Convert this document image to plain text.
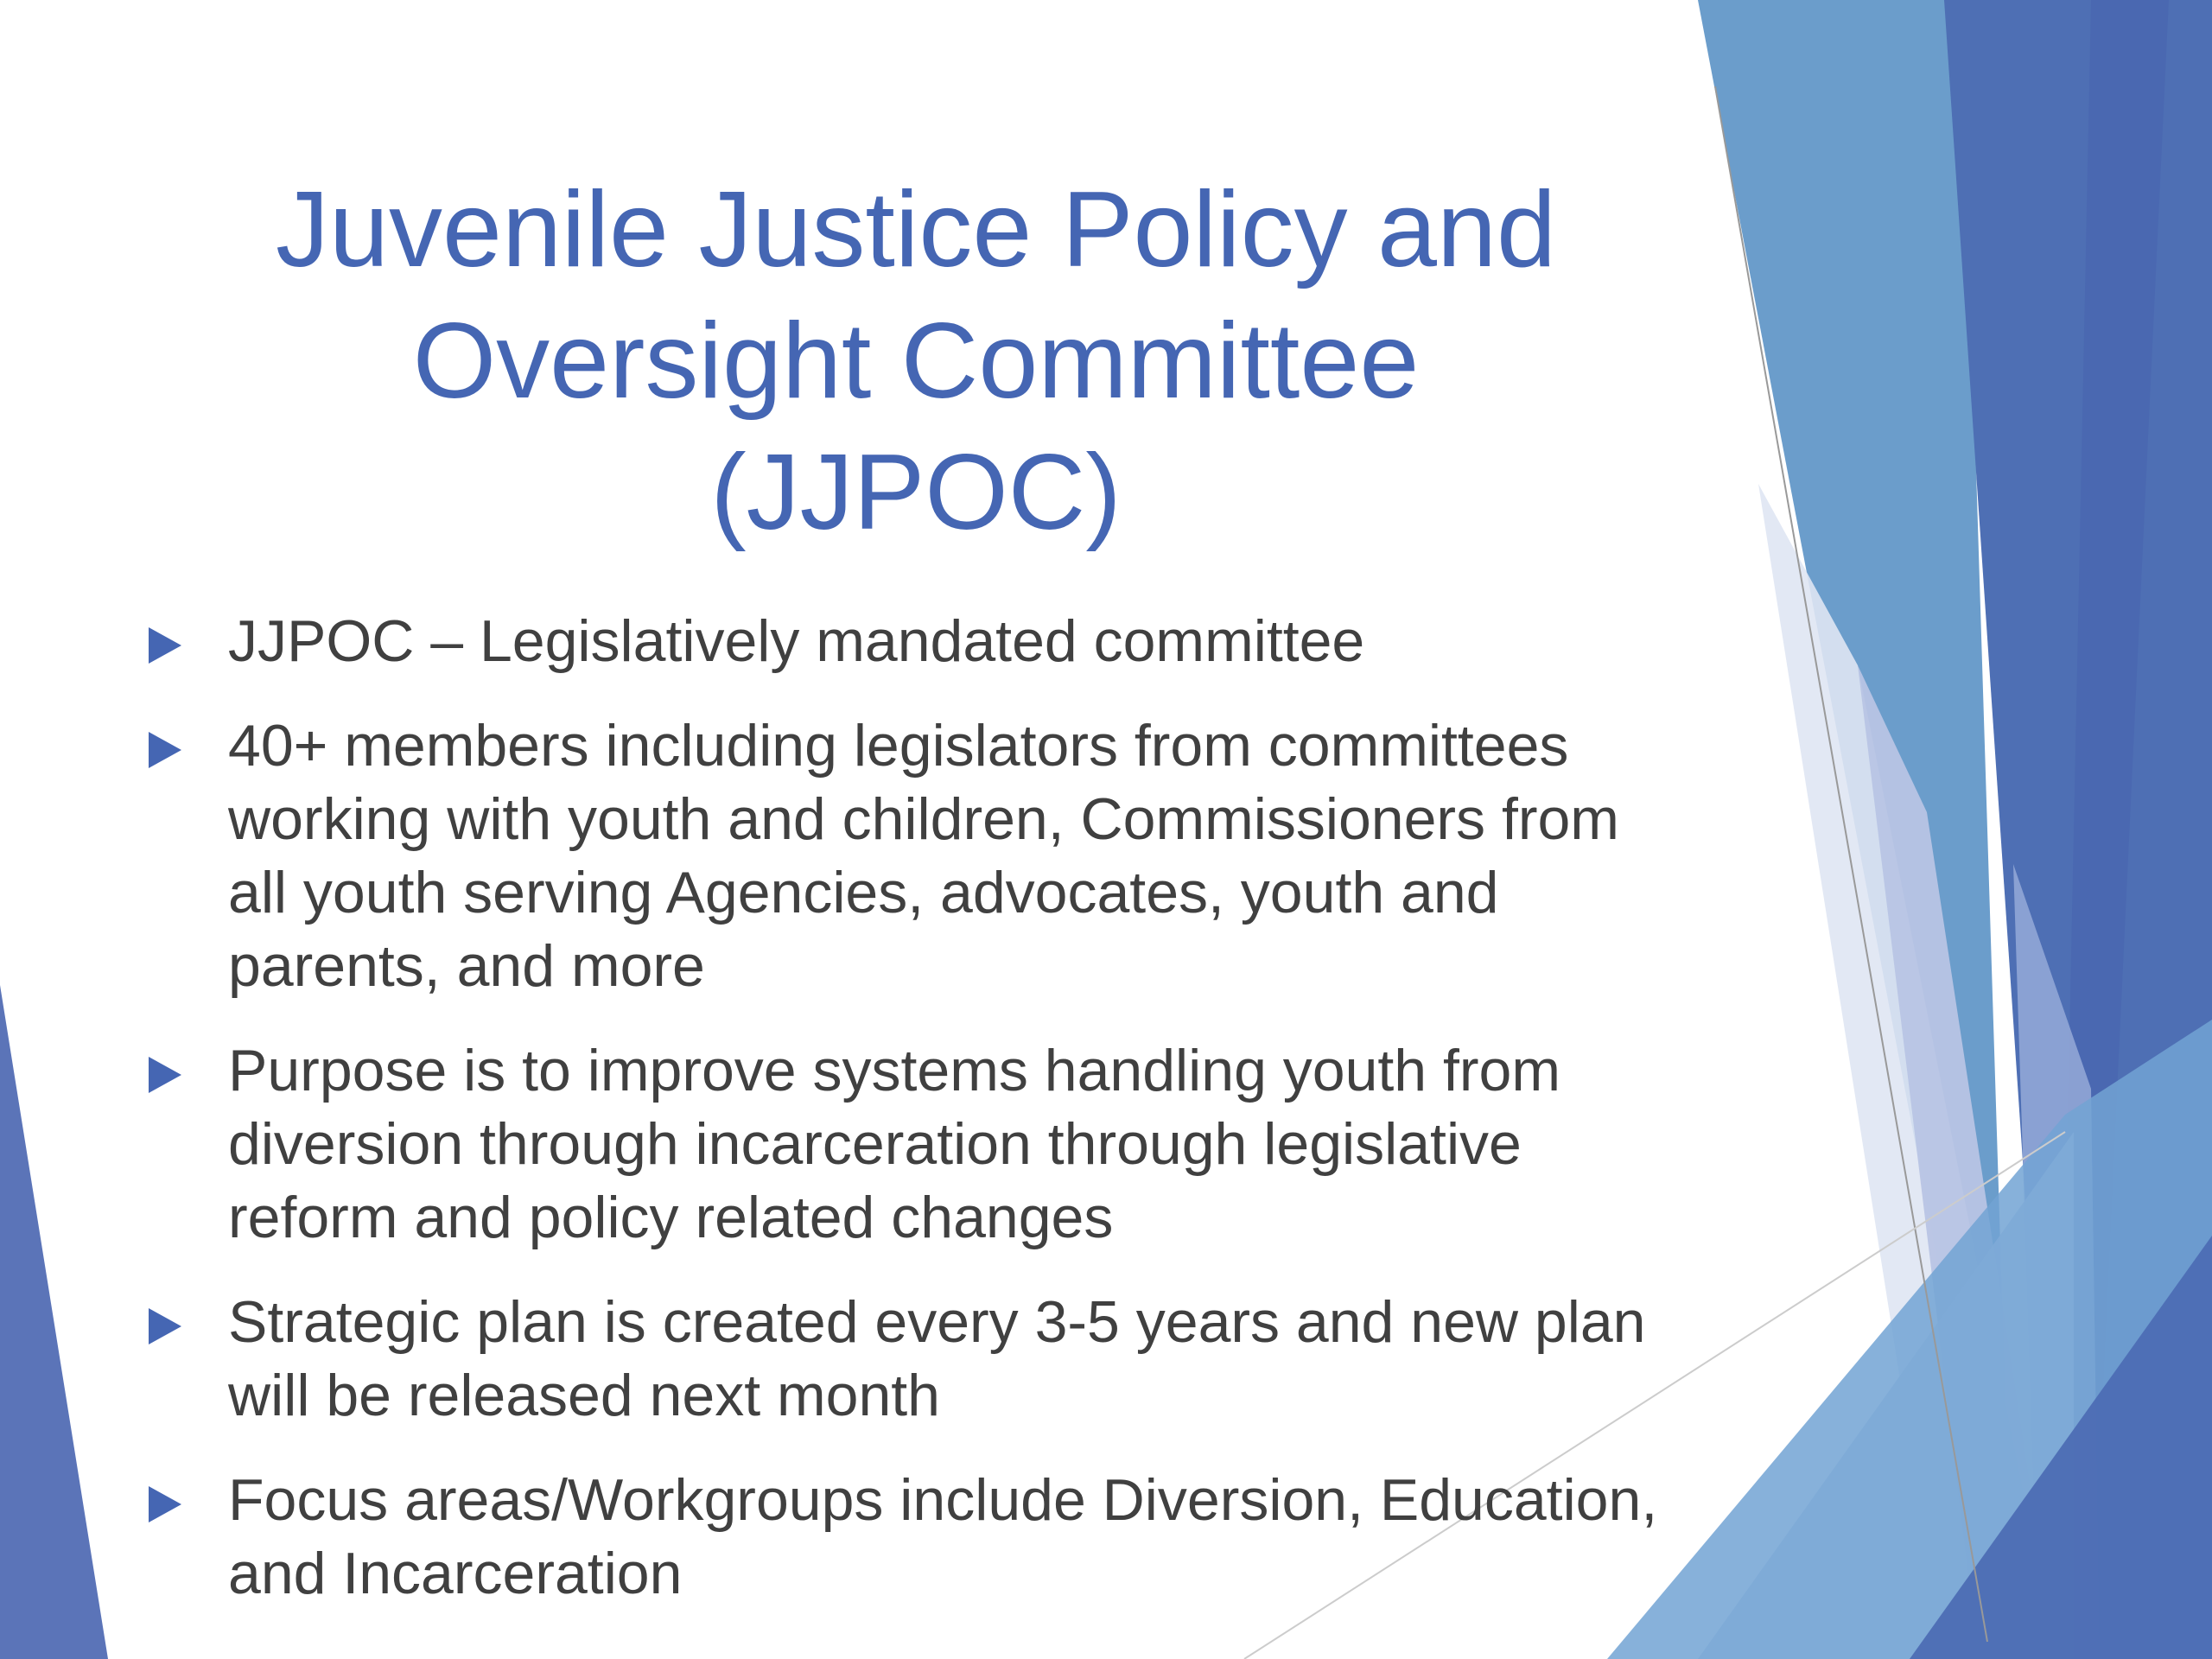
Juvenile Justice Policy and
Oversight Committee
(JJPOC)
JJPOC – Legislatively mandated committee
40+ members including legislators from committees working with youth and children, Commissioners from all youth serving Agencies, advocates, youth and parents, and more
Purpose is to improve systems handling youth from diversion through incarceration through legislative reform and policy related changes
Strategic plan is created every 3-5 years and new plan will be released next month
Focus areas/Workgroups include Diversion, Education, and Incarceration
